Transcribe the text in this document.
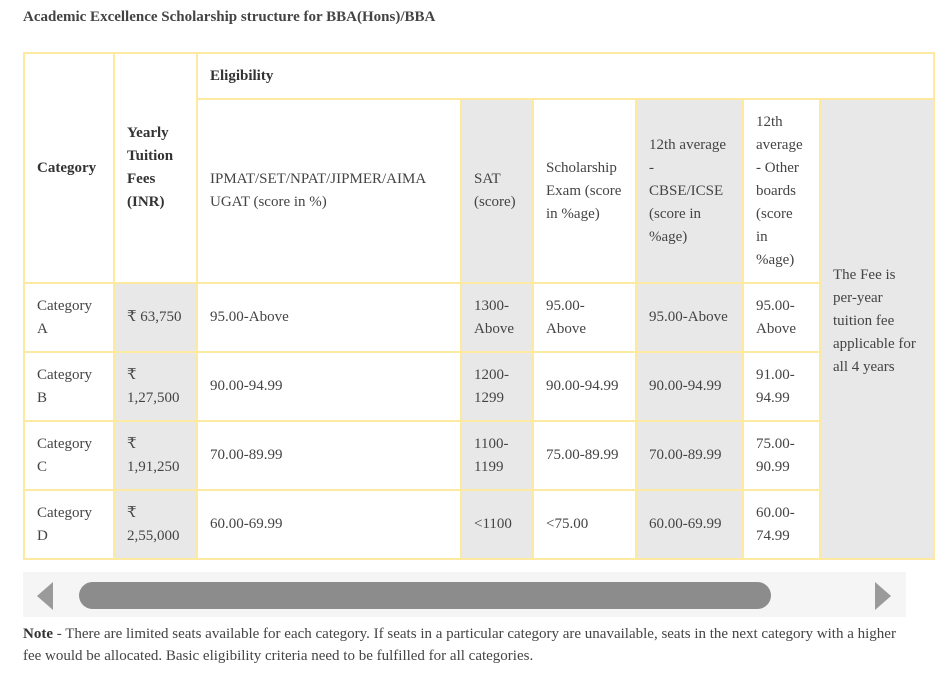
Academic Excellence Scholarship structure for BBA(Hons)/BBA
Category	Yearly Tuition Fees (INR)	Eligibility					
		IPMAT/SET/NPAT/JIPMER/AIMA UGAT (score in %)	SAT (score)	Scholarship Exam (score in %age)	12th average - CBSE/ICSE (score in %age)	12th average - Other boards (score in %age)	The Fee is per-year tuition fee applicable for all 4 years
Category A	₹ 63,750	95.00-Above	1300-Above	95.00-Above	95.00-Above	95.00-Above	
Category B	₹ 1,27,500	90.00-94.99	1200-1299	90.00-94.99	90.00-94.99	91.00-94.99	
Category C	₹ 1,91,250	70.00-89.99	1100-1199	75.00-89.99	70.00-89.99	75.00-90.99	
Category D	₹ 2,55,000	60.00-69.99	<1100	<75.00	60.00-69.99	60.00-74.99	
Note - There are limited seats available for each category. If seats in a particular category are unavailable, seats in the next category with a higher fee would be allocated. Basic eligibility criteria need to be fulfilled for all categories.
